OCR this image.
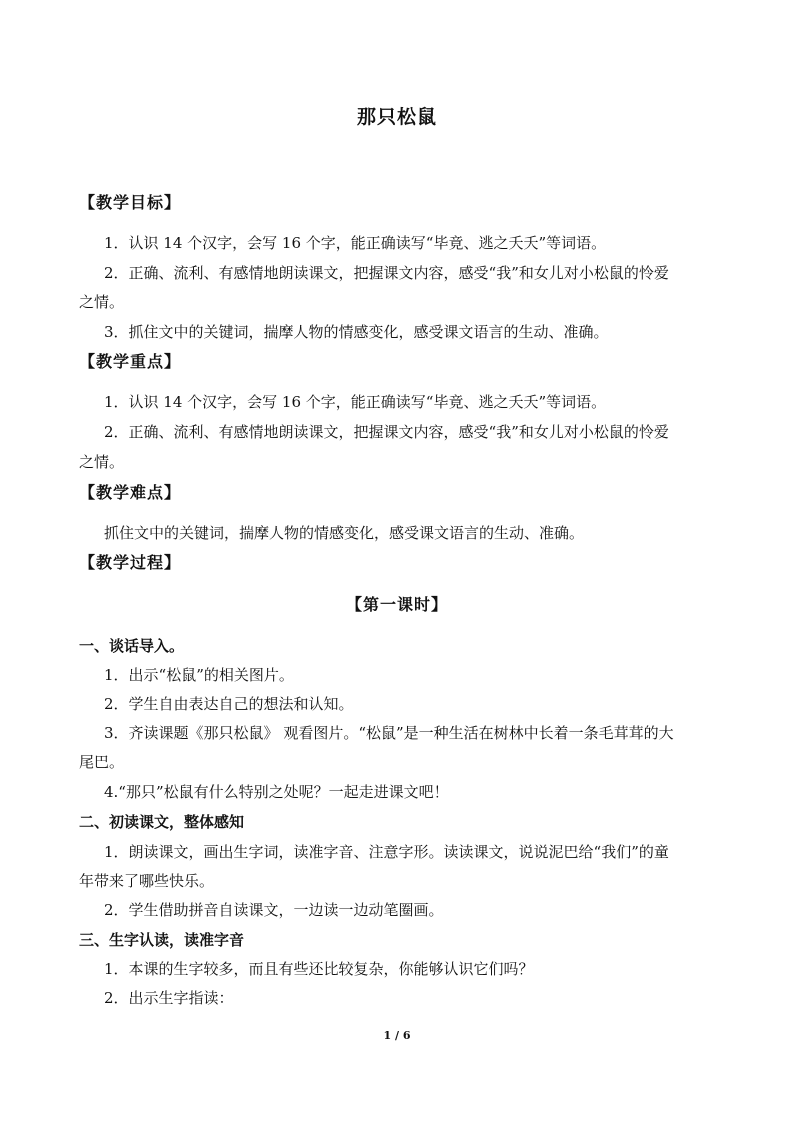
那只松鼠
【教学目标】
1．认识 14 个汉字，会写 16 个字，能正确读写“毕竟、逃之夭夭”等词语。
2．正确、流利、有感情地朗读课文，把握课文内容，感受“我”和女儿对小松鼠的怜爱
之情。
3．抓住文中的关键词，揣摩人物的情感变化，感受课文语言的生动、准确。
【教学重点】
1．认识 14 个汉字，会写 16 个字，能正确读写“毕竟、逃之夭夭”等词语。
2．正确、流利、有感情地朗读课文，把握课文内容，感受“我”和女儿对小松鼠的怜爱
之情。
【教学难点】
抓住文中的关键词，揣摩人物的情感变化，感受课文语言的生动、准确。
【教学过程】
【第一课时】
一、谈话导入。
1．出示“松鼠”的相关图片。
2．学生自由表达自己的想法和认知。
3．齐读课题《那只松鼠》 观看图片。“松鼠”是一种生活在树林中长着一条毛茸茸的大
尾巴。
4.“那只”松鼠有什么特别之处呢？一起走进课文吧！
二、初读课文，整体感知
1．朗读课文，画出生字词，读准字音、注意字形。读读课文，说说泥巴给“我们”的童
年带来了哪些快乐。
2．学生借助拼音自读课文，一边读一边动笔圈画。
三、生字认读，读准字音
1．本课的生字较多，而且有些还比较复杂，你能够认识它们吗？
2．出示生字指读：
1 / 6
